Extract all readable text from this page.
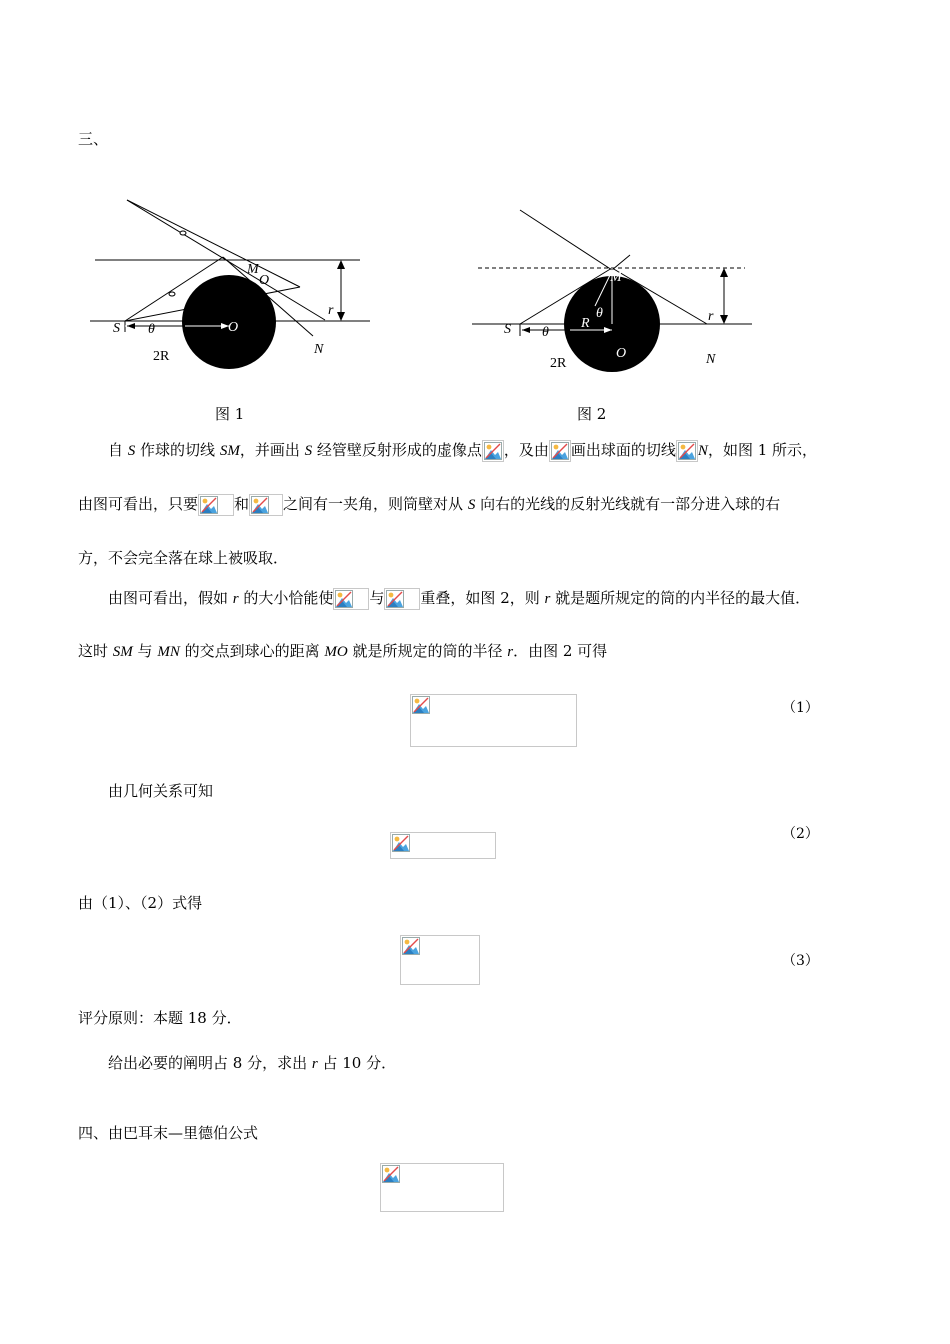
三、
M
O
r
S θ	O
N
2R
图 1
M
θ
R	r
S θ
O	N
2R
图 2
自 S 作球的切线 SM，并画出 S 经管壁反射形成的虚像点 ，及由 画出球面的切线 N，如图 1 所示，
由图可看出，只要 和 之间有一夹角，则筒壁对从 S 向右的光线的反射光线就有一部分进入球的右
方，不会完全落在球上被吸取．
由图可看出，假如 r 的大小恰能使 与 重叠，如图 2，则 r 就是题所规定的筒的内半径的最大值．
这时 SM 与 MN 的交点到球心的距离 MO 就是所规定的筒的半径 r．由图 2 可得
（1）
由几何关系可知
（2）
由（1）、（2）式得
（3）
评分原则：本题 18 分．
给出必要的阐明占 8 分，求出 r 占 10 分．
四、由巴耳末—里德伯公式
